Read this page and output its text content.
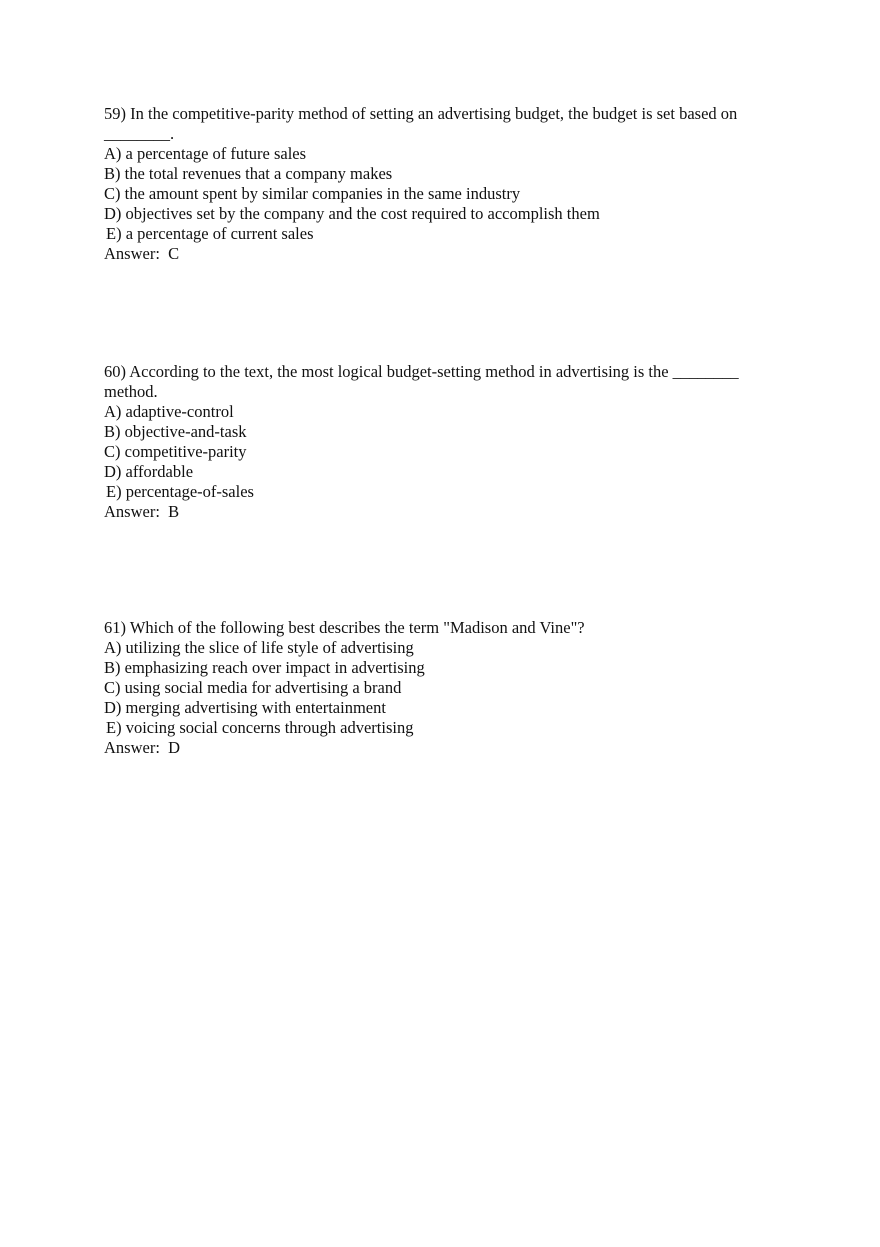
59) In the competitive-parity method of setting an advertising budget, the budget is set based on
________.
A) a percentage of future sales
B) the total revenues that a company makes
C) the amount spent by similar companies in the same industry
D) objectives set by the company and the cost required to accomplish them
E) a percentage of current sales
Answer:  C
60) According to the text, the most logical budget-setting method in advertising is the ________
method.
A) adaptive-control
B) objective-and-task
C) competitive-parity
D) affordable
E) percentage-of-sales
Answer:  B
61) Which of the following best describes the term "Madison and Vine"?
A) utilizing the slice of life style of advertising
B) emphasizing reach over impact in advertising
C) using social media for advertising a brand
D) merging advertising with entertainment
E) voicing social concerns through advertising
Answer:  D
